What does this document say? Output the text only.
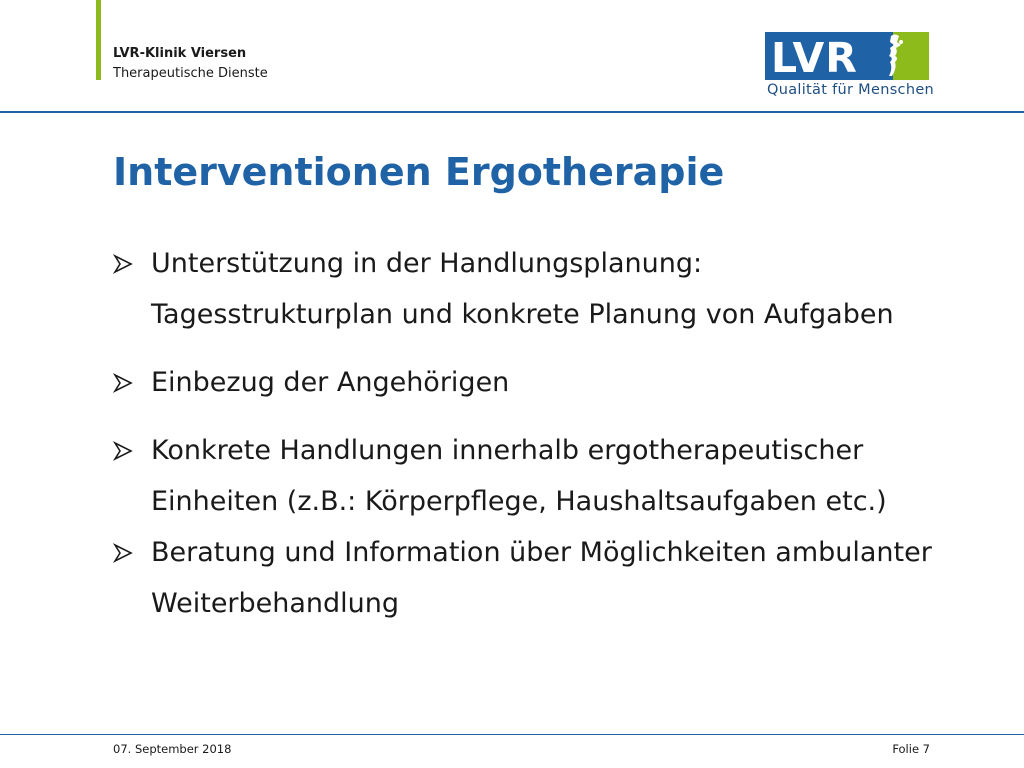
LVR-Klinik Viersen
Therapeutische Dienste	LVR
Qualität für Menschen
Interventionen Ergotherapie
Unterstützung in der Handlungsplanung: Tagesstrukturplan und konkrete Planung von Aufgaben
Einbezug der Angehörigen
Konkrete Handlungen innerhalb ergotherapeutischer Einheiten (z.B.: Körperpflege, Haushaltsaufgaben etc.)
Beratung und Information über Möglichkeiten ambulanter Weiterbehandlung
07. September 2018	Folie 7
